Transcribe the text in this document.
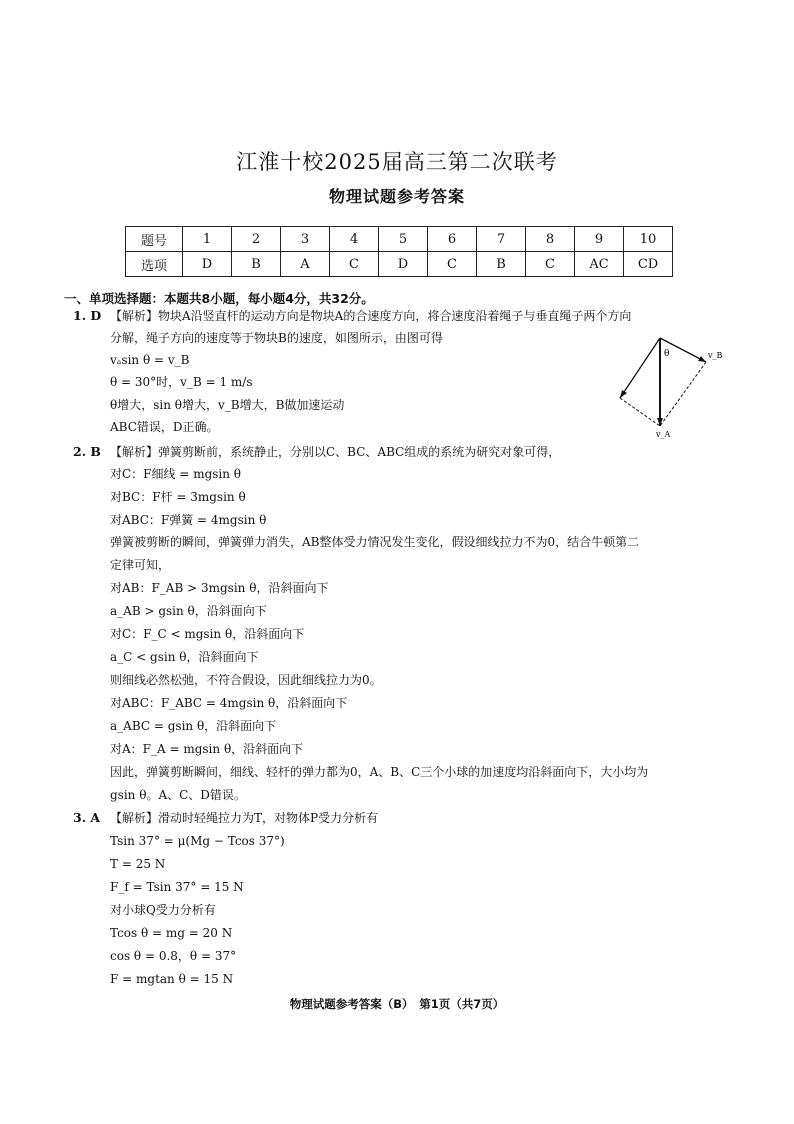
江淮十校2025届高三第二次联考
物理试题参考答案
题号	1	2	3	4	5	6	7	8	9	10
选项	D	B	A	C	D	C	B	C	AC	CD
一、单项选择题：本题共8小题，每小题4分，共32分。
1. D 【解析】物块A沿竖直杆的运动方向是物块A的合速度方向，将合速度沿着绳子与垂直绳子两个方向
分解，绳子方向的速度等于物块B的速度，如图所示，由图可得
vₐsin θ = v_B
θ = 30°时，v_B = 1 m/s
θ增大，sin θ增大，v_B增大，B做加速运动
ABC错误，D正确。
θ	v_B
v_A
2. B 【解析】弹簧剪断前，系统静止，分别以C、BC、ABC组成的系统为研究对象可得，
对C：F细线 = mgsin θ
对BC：F杆 = 3mgsin θ
对ABC：F弹簧 = 4mgsin θ
弹簧被剪断的瞬间，弹簧弹力消失，AB整体受力情况发生变化，假设细线拉力不为0，结合牛顿第二
定律可知，
对AB：F_AB > 3mgsin θ，沿斜面向下
a_AB > gsin θ，沿斜面向下
对C：F_C < mgsin θ，沿斜面向下
a_C < gsin θ，沿斜面向下
则细线必然松弛，不符合假设，因此细线拉力为0。
对ABC：F_ABC = 4mgsin θ，沿斜面向下
a_ABC = gsin θ，沿斜面向下
对A：F_A = mgsin θ，沿斜面向下
因此，弹簧剪断瞬间，细线、轻杆的弹力都为0，A、B、C三个小球的加速度均沿斜面向下，大小均为
gsin θ。A、C、D错误。
3. A 【解析】滑动时轻绳拉力为T，对物体P受力分析有
Tsin 37° = μ(Mg − Tcos 37°)
T = 25 N
F_f = Tsin 37° = 15 N
对小球Q受力分析有
Tcos θ = mg = 20 N
cos θ = 0.8，θ = 37°
F = mgtan θ = 15 N
物理试题参考答案（B）　第1页（共7页）
